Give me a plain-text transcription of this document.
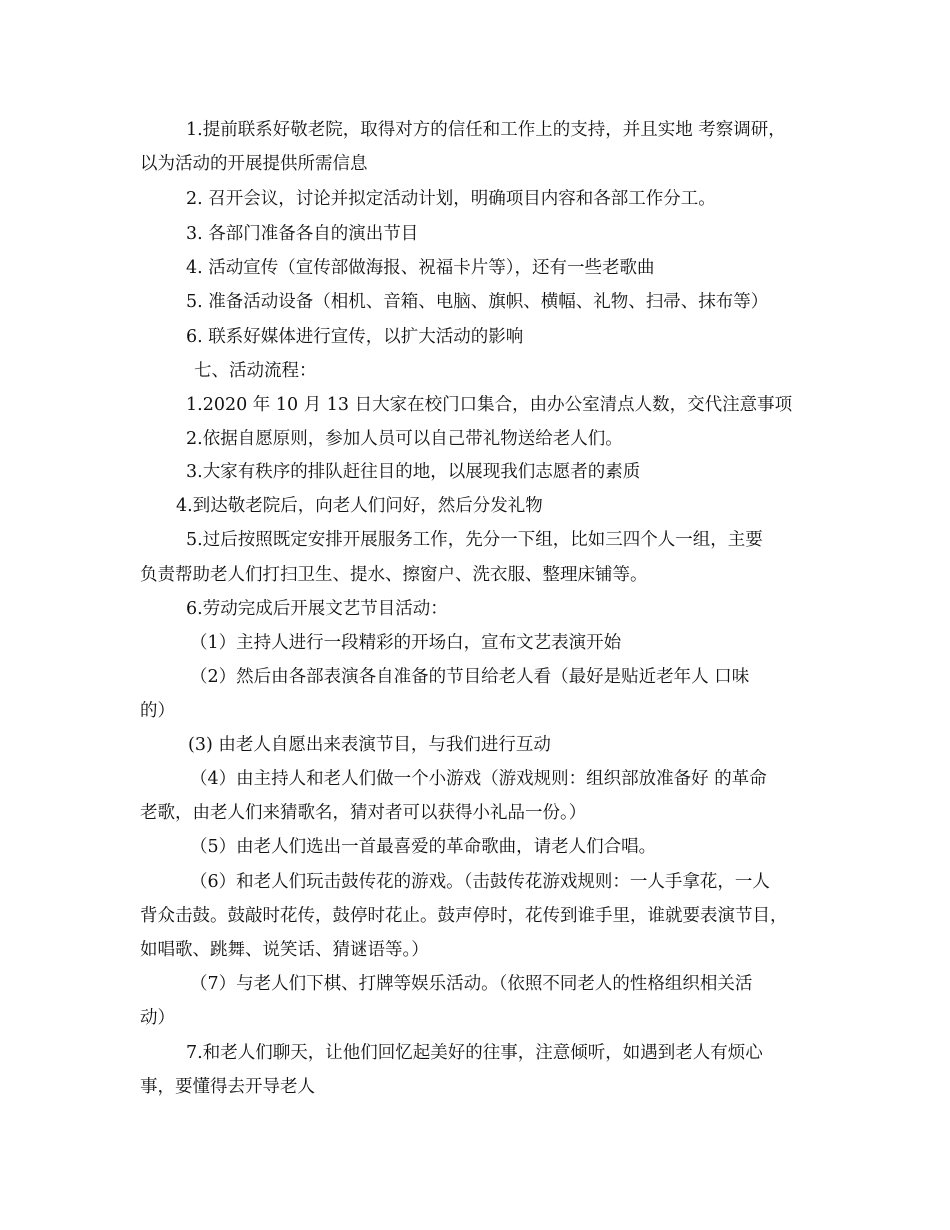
1.提前联系好敬老院，取得对方的信任和工作上的支持，并且实地 考察调研，
以为活动的开展提供所需信息
2. 召开会议，讨论并拟定活动计划，明确项目内容和各部工作分工。
3. 各部门准备各自的演出节目
4. 活动宣传（宣传部做海报、祝福卡片等），还有一些老歌曲
5. 准备活动设备（相机、音箱、电脑、旗帜、横幅、礼物、扫帚、抹布等）
6. 联系好媒体进行宣传，以扩大活动的影响
七、活动流程：
1.2020 年 10 月 13 日大家在校门口集合，由办公室清点人数，交代注意事项
2.依据自愿原则，参加人员可以自己带礼物送给老人们。
3.大家有秩序的排队赶往目的地，以展现我们志愿者的素质
4.到达敬老院后，向老人们问好，然后分发礼物
5.过后按照既定安排开展服务工作，先分一下组，比如三四个人一组，主要
负责帮助老人们打扫卫生、提水、擦窗户、洗衣服、整理床铺等。
6.劳动完成后开展文艺节目活动：
（1）主持人进行一段精彩的开场白，宣布文艺表演开始
（2）然后由各部表演各自准备的节目给老人看（最好是贴近老年人 口味
的）
(3) 由老人自愿出来表演节目，与我们进行互动
（4）由主持人和老人们做一个小游戏（游戏规则：组织部放准备好 的革命
老歌，由老人们来猜歌名，猜对者可以获得小礼品一份。）
（5）由老人们选出一首最喜爱的革命歌曲，请老人们合唱。
（6）和老人们玩击鼓传花的游戏。（击鼓传花游戏规则：一人手拿花，一人
背众击鼓。鼓敲时花传，鼓停时花止。鼓声停时，花传到谁手里，谁就要表演节目，
如唱歌、跳舞、说笑话、猜谜语等。）
（7）与老人们下棋、打牌等娱乐活动。（依照不同老人的性格组织相关活
动）
7.和老人们聊天，让他们回忆起美好的往事，注意倾听，如遇到老人有烦心
事，要懂得去开导老人
